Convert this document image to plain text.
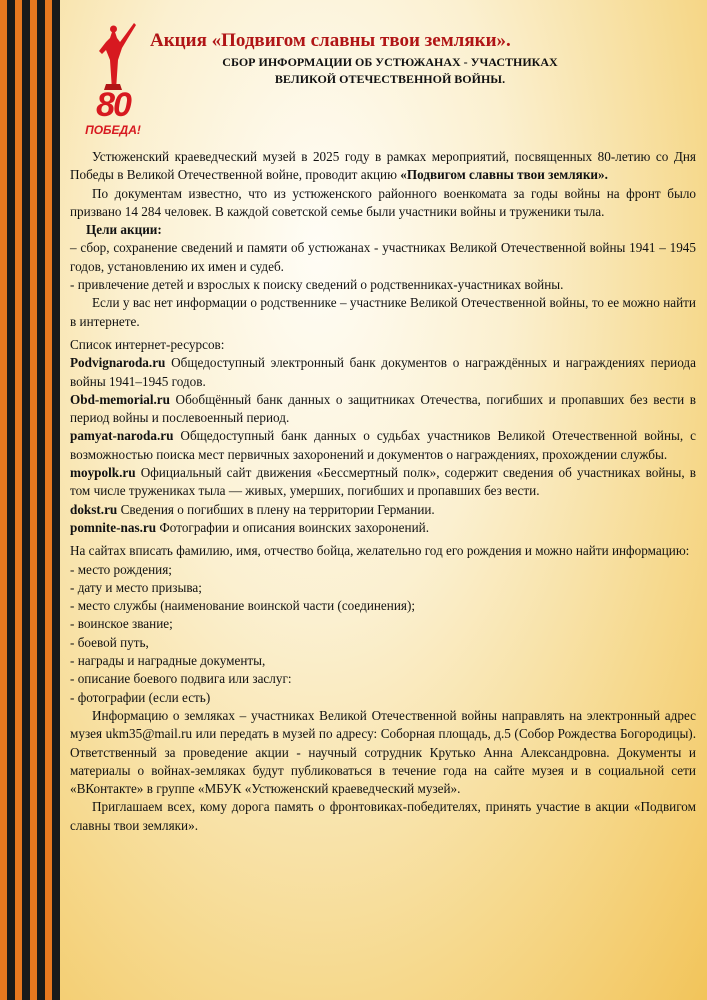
80
ПОБЕДА!
Акция «Подвигом славны твои земляки».
СБОР ИНФОРМАЦИИ ОБ УСТЮЖАНАХ - УЧАСТНИКАХ
ВЕЛИКОЙ ОТЕЧЕСТВЕННОЙ ВОЙНЫ.

Устюженский краеведческий музей в 2025 году в рамках мероприятий, посвященных 80-летию со Дня Победы в Великой Отечественной войне, проводит акцию «Подвигом славны твои земляки».

По документам известно, что из устюженского районного военкомата за годы войны на фронт было призвано 14 284 человек. В каждой советской семье были участники войны и труженики тыла.

Цели акции:

– сбор, сохранение сведений и памяти об устюжанах - участниках Великой Отечественной войны 1941 – 1945 годов, установлению их имен и судеб.

- привлечение детей и взрослых к поиску сведений о родственниках-участниках войны.

Если у вас нет информации о родственнике – участнике Великой Отечественной войны, то ее можно найти в интернете.

Список интернет-ресурсов:

Podvignaroda.ru Общедоступный электронный банк документов о награждённых и награждениях периода войны 1941–1945 годов.

Obd-memorial.ru Обобщённый банк данных о защитниках Отечества, погибших и пропавших без вести в период войны и послевоенный период.

pamyat-naroda.ru Общедоступный банк данных о судьбах участников Великой Отечественной войны, с возможностью поиска мест первичных захоронений и документов о награждениях, прохождении службы.

moypolk.ru Официальный сайт движения «Бессмертный полк», содержит сведения об участниках войны, в том числе тружениках тыла — живых, умерших, погибших и пропавших без вести.

dokst.ru Сведения о погибших в плену на территории Германии.

pomnite-nas.ru Фотографии и описания воинских захоронений.

На сайтах вписать фамилию, имя, отчество бойца, желательно год его рождения и можно найти информацию:

- место рождения;

- дату и место призыва;

- место службы (наименование воинской части (соединения);

- воинское звание;

- боевой путь,

- награды и наградные документы,

- описание боевого подвига или заслуг:

- фотографии (если есть)

Информацию о земляках – участниках Великой Отечественной войны направлять на электронный адрес музея ukm35@mail.ru или передать в музей по адресу: Соборная площадь, д.5 (Собор Рождества Богородицы). Ответственный за проведение акции - научный сотрудник Крутько Анна Александровна. Документы и материалы о войнах-земляках будут публиковаться в течение года на сайте музея и в социальной сети «ВКонтакте» в группе «МБУК «Устюженский краеведческий музей».

Приглашаем всех, кому дорога память о фронтовиках-победителях, принять участие в акции «Подвигом славны твои земляки».
